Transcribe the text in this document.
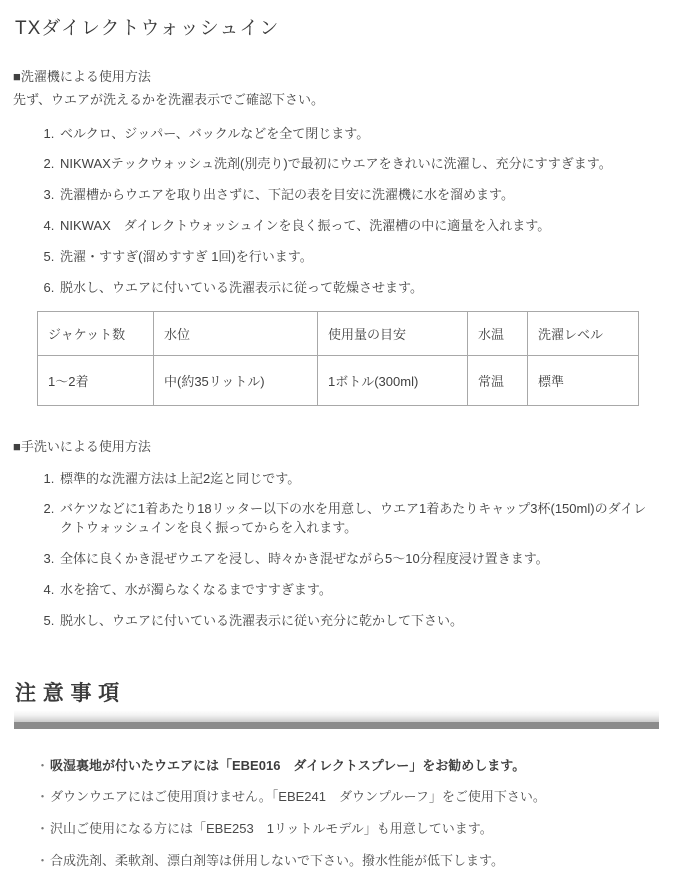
TXダイレクトウォッシュイン
■洗濯機による使用方法
先ず、ウエアが洗えるかを洗濯表示でご確認下さい。
1. ベルクロ、ジッパー、バックルなどを全て閉じます。
2. NIKWAXテックウォッシュ洗剤(別売り)で最初にウエアをきれいに洗濯し、充分にすすぎます。
3. 洗濯槽からウエアを取り出さずに、下記の表を目安に洗濯機に水を溜めます。
4. NIKWAX　ダイレクトウォッシュインを良く振って、洗濯槽の中に適量を入れます。
5. 洗濯・すすぎ(溜めすすぎ 1回)を行います。
6. 脱水し、ウエアに付いている洗濯表示に従って乾燥させます。
ジャケット数	水位	使用量の目安	水温	洗濯レベル
1〜2着	中(約35リットル)	1ボトル(300ml)	常温	標準
■手洗いによる使用方法
1. 標準的な洗濯方法は上記2迄と同じです。
2. バケツなどに1着あたり18リッター以下の水を用意し、ウエア1着あたりキャップ3杯(150ml)のダイレクトウォッシュインを良く振ってからを入れます。
3. 全体に良くかき混ぜウエアを浸し、時々かき混ぜながら5〜10分程度浸け置きます。
4. 水を捨て、水が濁らなくなるまですすぎます。
5. 脱水し、ウエアに付いている洗濯表示に従い充分に乾かして下さい。
注意事項
・ 吸湿裏地が付いたウエアには「EBE016　ダイレクトスプレー」をお勧めします。
・ ダウンウエアにはご使用頂けません。「EBE241　ダウンプルーフ」をご使用下さい。
・ 沢山ご使用になる方には「EBE253　1リットルモデル」も用意しています。
・ 合成洗剤、柔軟剤、漂白剤等は併用しないで下さい。撥水性能が低下します。
